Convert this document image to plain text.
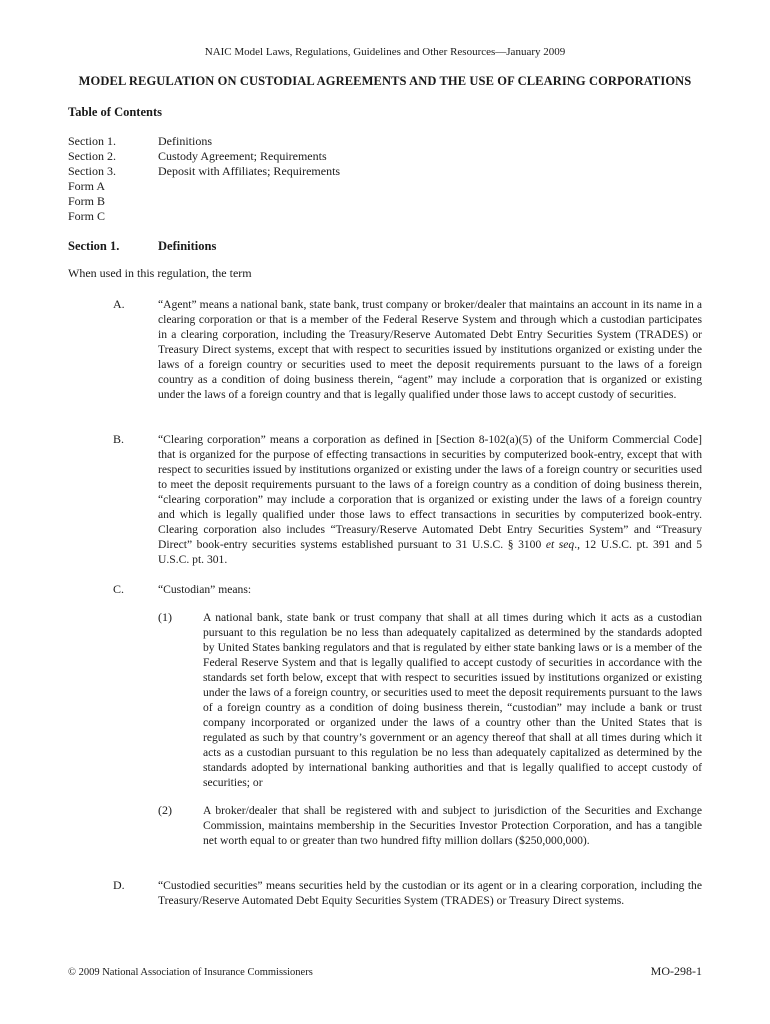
NAIC Model Laws, Regulations, Guidelines and Other Resources—January 2009
MODEL REGULATION ON CUSTODIAL AGREEMENTS AND THE USE OF CLEARING CORPORATIONS
Table of Contents
Section 1.	Definitions
Section 2.	Custody Agreement; Requirements
Section 3.	Deposit with Affiliates; Requirements
Form A
Form B
Form C
Section 1.	Definitions
When used in this regulation, the term
A.	“Agent” means a national bank, state bank, trust company or broker/dealer that maintains an account in its name in a clearing corporation or that is a member of the Federal Reserve System and through which a custodian participates in a clearing corporation, including the Treasury/Reserve Automated Debt Entry Securities System (TRADES) or Treasury Direct systems, except that with respect to securities issued by institutions organized or existing under the laws of a foreign country or securities used to meet the deposit requirements pursuant to the laws of a foreign country as a condition of doing business therein, “agent” may include a corporation that is organized or existing under the laws of a foreign country and that is legally qualified under those laws to accept custody of securities.
B.	“Clearing corporation” means a corporation as defined in [Section 8-102(a)(5) of the Uniform Commercial Code] that is organized for the purpose of effecting transactions in securities by computerized book-entry, except that with respect to securities issued by institutions organized or existing under the laws of a foreign country or securities used to meet the deposit requirements pursuant to the laws of a foreign country as a condition of doing business therein, “clearing corporation” may include a corporation that is organized or existing under the laws of a foreign country and which is legally qualified under those laws to effect transactions in securities by computerized book-entry. Clearing corporation also includes “Treasury/Reserve Automated Debt Entry Securities System” and “Treasury Direct” book-entry securities systems established pursuant to 31 U.S.C. § 3100 et seq., 12 U.S.C. pt. 391 and 5 U.S.C. pt. 301.
C.	“Custodian” means:
(1)	A national bank, state bank or trust company that shall at all times during which it acts as a custodian pursuant to this regulation be no less than adequately capitalized as determined by the standards adopted by United States banking regulators and that is regulated by either state banking laws or is a member of the Federal Reserve System and that is legally qualified to accept custody of securities in accordance with the standards set forth below, except that with respect to securities issued by institutions organized or existing under the laws of a foreign country, or securities used to meet the deposit requirements pursuant to the laws of a foreign country as a condition of doing business therein, “custodian” may include a bank or trust company incorporated or organized under the laws of a country other than the United States that is regulated as such by that country’s government or an agency thereof that shall at all times during which it acts as a custodian pursuant to this regulation be no less than adequately capitalized as determined by the standards adopted by international banking authorities and that is legally qualified to accept custody of securities; or
(2)	A broker/dealer that shall be registered with and subject to jurisdiction of the Securities and Exchange Commission, maintains membership in the Securities Investor Protection Corporation, and has a tangible net worth equal to or greater than two hundred fifty million dollars ($250,000,000).
D.	“Custodied securities” means securities held by the custodian or its agent or in a clearing corporation, including the Treasury/Reserve Automated Debt Equity Securities System (TRADES) or Treasury Direct systems.
© 2009 National Association of Insurance Commissioners	MO-298-1
